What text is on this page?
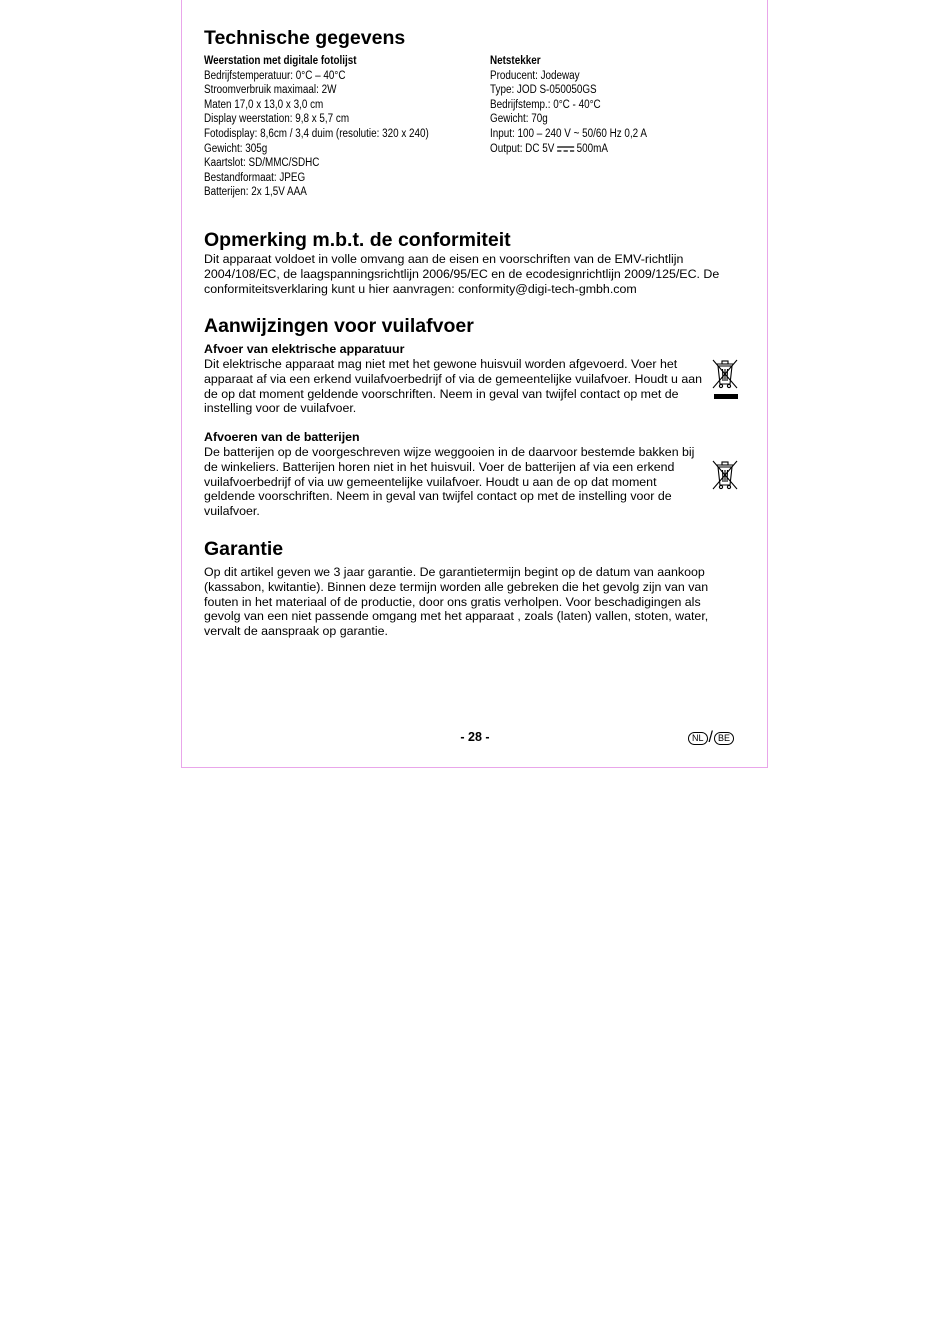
Technische gegevens
Weerstation met digitale fotolijst
Bedrijfstemperatuur: 0°C – 40°C
Stroomverbruik maximaal: 2W
Maten 17,0 x 13,0 x 3,0 cm
Display weerstation: 9,8 x 5,7 cm
Fotodisplay: 8,6cm / 3,4 duim (resolutie: 320 x 240)
Gewicht: 305g
Kaartslot: SD/MMC/SDHC
Bestandformaat: JPEG
Batterijen: 2x 1,5V AAA
Netstekker
Producent: Jodeway
Type: JOD S-050050GS
Bedrijfstemp.: 0°C - 40°C
Gewicht: 70g
Input: 100 – 240 V ~ 50/60 Hz 0,2 A
Output: DC 5V 500mA
Opmerking m.b.t. de conformiteit
Dit apparaat voldoet in volle omvang aan de eisen en voorschriften van de EMV-richtlijn 2004/108/EC, de laagspanningsrichtlijn 2006/95/EC en de ecodesignrichtlijn 2009/125/EC. De conformiteitsverklaring kunt u hier aanvragen: conformity@digi-tech-gmbh.com
Aanwijzingen voor vuilafvoer
Afvoer van elektrische apparatuur
Dit elektrische apparaat mag niet met het gewone huisvuil worden afgevoerd. Voer het apparaat af via een erkend vuilafvoerbedrijf of via de gemeentelijke vuilafvoer. Houdt u aan de op dat moment geldende voorschriften. Neem in geval van twijfel contact op met de instelling voor de vuilafvoer.
Afvoeren van de batterijen
De batterijen op de voorgeschreven wijze weggooien in de daarvoor bestemde bakken bij de winkeliers. Batterijen horen niet in het huisvuil. Voer de batterijen af via een erkend vuilafvoerbedrijf of via uw gemeentelijke vuilafvoer. Houdt u aan de op dat moment geldende voorschriften. Neem in geval van twijfel contact op met de instelling voor de vuilafvoer.
Garantie
Op dit artikel geven we 3 jaar garantie. De garantietermijn begint op de datum van aankoop (kassabon, kwitantie). Binnen deze termijn worden alle gebreken die het gevolg zijn van van fouten in het materiaal of de productie, door ons gratis verholpen. Voor beschadigingen als gevolg van een niet passende omgang met het apparaat , zoals (laten) vallen, stoten, water, vervalt de aanspraak op garantie.
- 28 -	NL / BE
